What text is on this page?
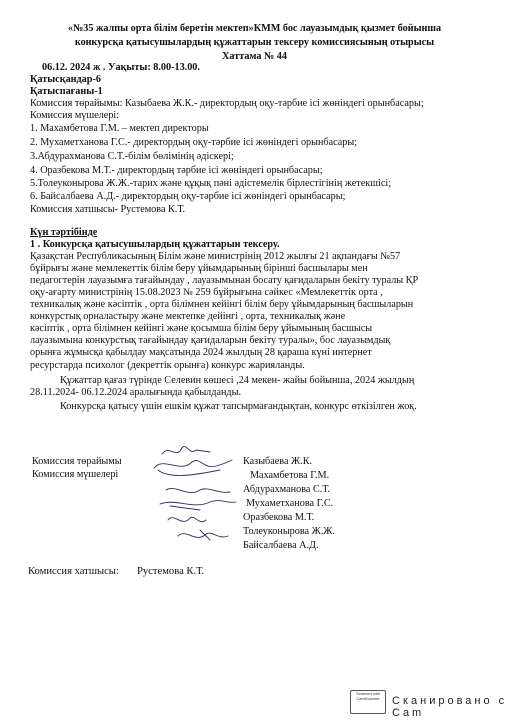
«№35 жалпы орта білім беретін мектеп»КММ бос лауазымдық қызмет бойынша
конкурсқа қатысушылардың құжаттарын тексеру комиссиясының отырысы
Хаттама № 44
06.12. 2024 ж . Уақыты: 8.00-13.00.
Қатысқандар-6
Қатыспағаны-1
Комиссия төрайымы: Казыбаева Ж.К.- директордың оқу-тәрбие ісі жөніндегі орынбасары;
Комиссия мүшелері:
1. Махамбетова Г.М. – мектеп директоры
2. Мухаметханова Г.С.- директордың оқу-тәрбие ісі жөніндегі орынбасары;
3.Абдурахманова С.Т.-білім бөлімінің әдіскері;
4. Оразбекова М.Т.- директордың тәрбие ісі жөніндегі орынбасары;
5.Толеуконырова Ж.Ж.-тарих және құқық пәні әдістемелік бірлестігінің жетекшісі;
6. Байсалбаева А.Д.- директордың оқу-тәрбие ісі жөніндегі орынбасары;
Комиссия хатшысы- Рустемова К.Т.
Күн тәртібінде
1 . Конкурсқа қатысушылардың құжаттарын тексеру.
Қазақстан Республикасының Білім және министрінің 2012 жылғы 21 ақпандағы №57
бұйрығы және мемлекеттік білім беру ұйымдарының бірінші басшылары мен
педагогтерін лауазымға тағайындау , лауазымынан босату қағидаларын бекіту туралы ҚР
оқу-ағарту министрінің 15.08.2023 № 259 бұйрығына сәйкес «Мемлекеттік орта ,
техникалық және кәсіптік , орта білімнен кейінгі білім беру ұйымдарының басшыларын
конкурстық орналастыру және мектепке дейінгі , орта, техникалық және
кәсіптік , орта білімнен кейінгі және қосымша білім беру ұйымының басшысы
лауазымына конкурстық тағайындау қағидаларын бекіту туралы», бос лауазымдық
орынға жұмысқа қабылдау мақсатында 2024 жылдың 28 қараша күні интернет
ресурстарда психолог (декреттік орынға) конкурс жарияланды.
Құжаттар қағаз түрінде Селевин көшесі ,24 мекен- жайы бойынша, 2024 жылдың
28.11.2024- 06.12.2024 аралығында қабылданды.
Конкурсқа қатысу үшін ешкім құжат тапсырмағандықтан, конкурс өткізілген жоқ.
Комиссия төрайымы
Комиссия мүшелері
Казыбаева Ж.К.
Махамбетова Г.М.
Абдурахманова С.Т.
Мухаметханова Г.С.
Оразбекова М.Т.
Толеуконырова Ж.Ж.
Байсалбаева А.Д.
Комиссия хатшысы: Рустемова К.Т.
Scanned with CamScanner	Сканировано с Cam
